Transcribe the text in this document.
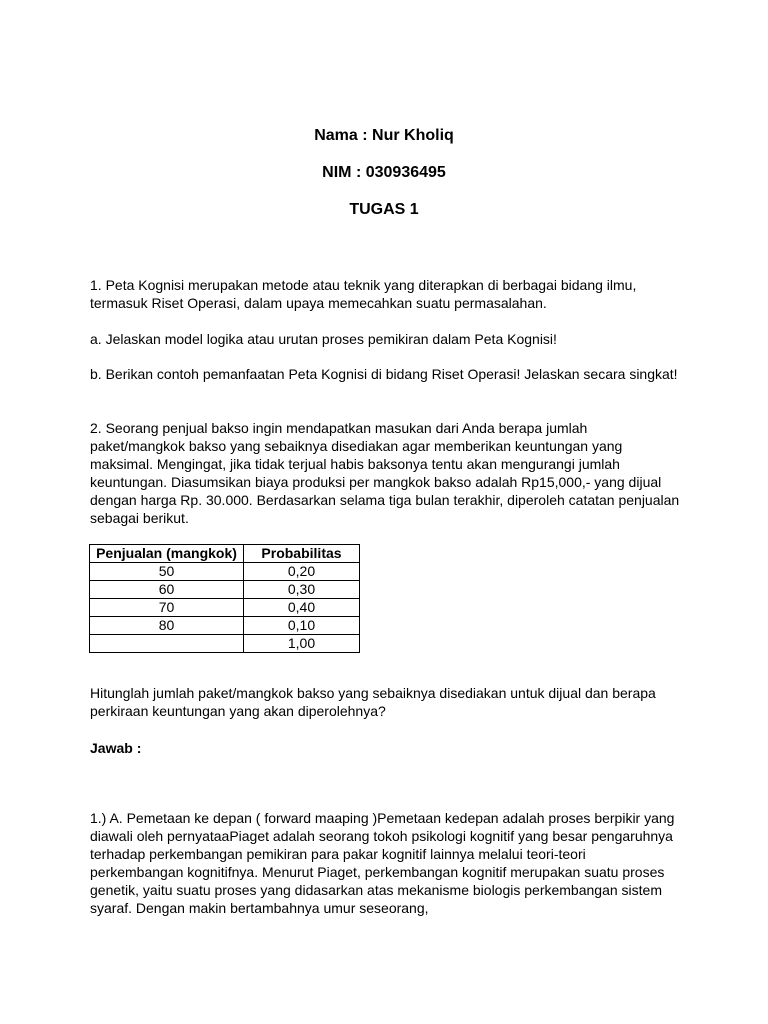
Nama : Nur Kholiq
NIM : 030936495
TUGAS 1
1. Peta Kognisi merupakan metode atau teknik yang diterapkan di berbagai bidang ilmu, termasuk Riset Operasi, dalam upaya memecahkan suatu permasalahan.
a. Jelaskan model logika atau urutan proses pemikiran dalam Peta Kognisi!
b. Berikan contoh pemanfaatan Peta Kognisi di bidang Riset Operasi! Jelaskan secara singkat!
2. Seorang penjual bakso ingin mendapatkan masukan dari Anda berapa jumlah paket/mangkok bakso yang sebaiknya disediakan agar memberikan keuntungan yang maksimal. Mengingat, jika tidak terjual habis baksonya tentu akan mengurangi jumlah keuntungan. Diasumsikan biaya produksi per mangkok bakso adalah Rp15,000,- yang dijual dengan harga Rp. 30.000. Berdasarkan selama tiga bulan terakhir, diperoleh catatan penjualan sebagai berikut.
Penjualan (mangkok)	Probabilitas
50	0,20
60	0,30
70	0,40
80	0,10
	1,00
Hitunglah jumlah paket/mangkok bakso yang sebaiknya disediakan untuk dijual dan berapa perkiraan keuntungan yang akan diperolehnya?
Jawab :
1.) A. Pemetaan ke depan ( forward maaping )Pemetaan kedepan adalah proses berpikir yang diawali oleh pernyataaPiaget adalah seorang tokoh psikologi kognitif yang besar pengaruhnya terhadap perkembangan pemikiran para pakar kognitif lainnya melalui teori-teori perkembangan kognitifnya. Menurut Piaget, perkembangan kognitif merupakan suatu proses genetik, yaitu suatu proses yang didasarkan atas mekanisme biologis perkembangan sistem syaraf. Dengan makin bertambahnya umur seseorang,
